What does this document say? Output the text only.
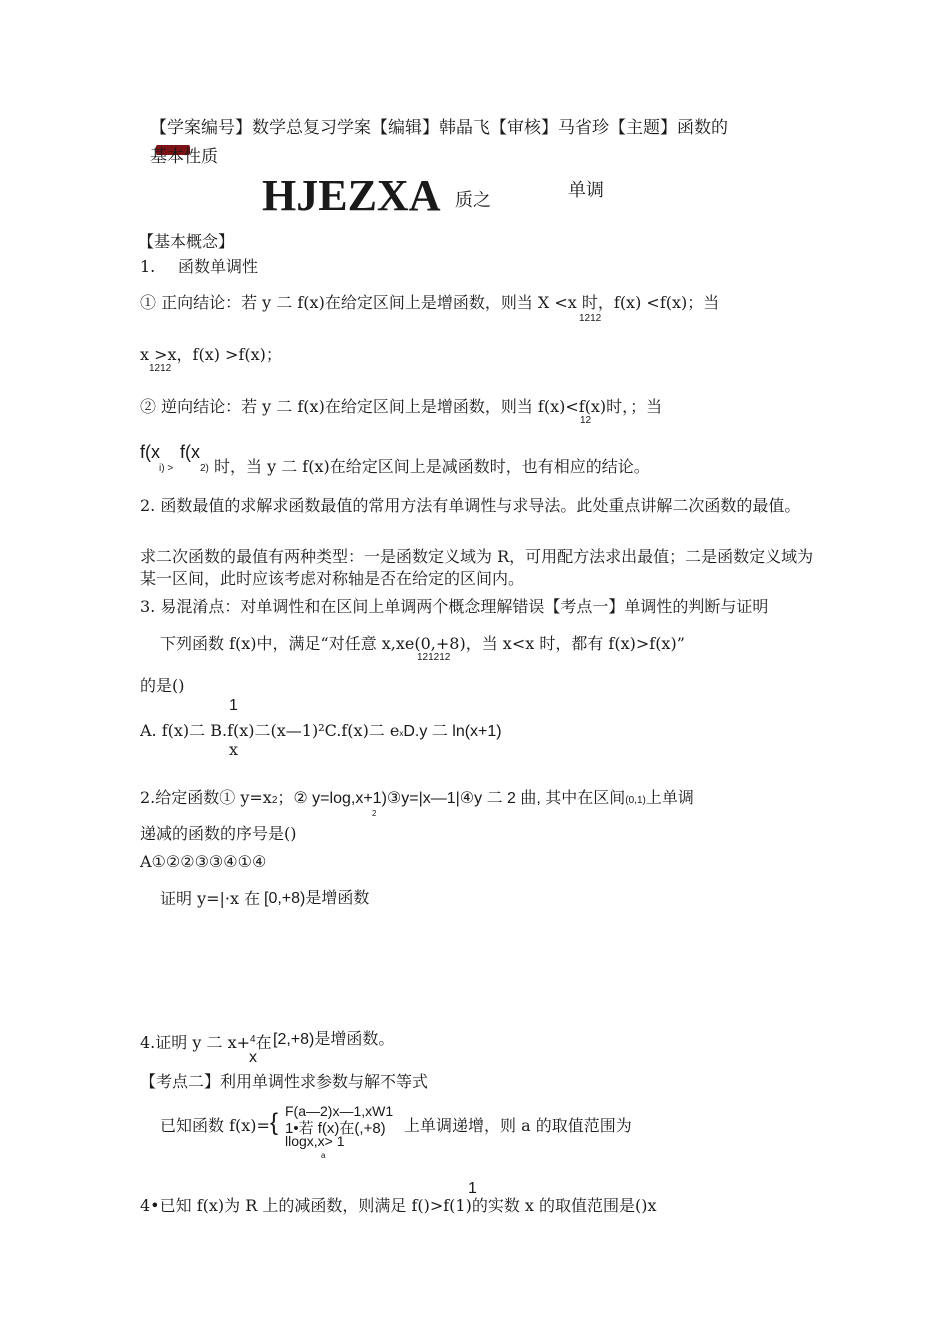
【学案编号】数学总复习学案【编辑】韩晶飞【审核】马省珍【主题】函数的
基本性质
HJEZXA 质之	单调
【基本概念】
1. 函数单调性
① 正向结论：若 y 二 f(x)在给定区间上是增函数，则当 X <x 时，f(x) <f(x)；当
1212
x >x，f(x) >f(x)；
1212
② 逆向结论：若 y 二 f(x)在给定区间上是增函数，则当 f(x)<f(x)时，；当
12
f(x f(x
i) >	2) 时，当 y 二 f(x)在给定区间上是减函数时，也有相应的结论。
2. 函数最值的求解求函数最值的常用方法有单调性与求导法。此处重点讲解二次函数的最值。
求二次函数的最值有两种类型：一是函数定义域为 R，可用配方法求出最值；二是函数定义域为某一区间，此时应该考虑对称轴是否在给定的区间内。
3. 易混淆点：对单调性和在区间上单调两个概念理解错误【考点一】单调性的判断与证明
下列函数 f(x)中，满足“对任意 x,xe(0,+8)，当 x<x 时，都有 f(x)>f(x)”
121212
的是()
1
A. f(x)二 B.f(x)二(x—1)²C.f(x)二 exD.y 二 ln(x+1)
x
2.给定函数① y=x2；② y=log,x+1)③y=|x—1|④y 二 2 曲, 其中在区间(0,1)上单调
2
递减的函数的序号是()
A①②②③③④①④
证明 y=|·x 在 [0,+8)是增函数
4.证明 y 二 x+$^4$在 [2,+8)是增函数。
x
【考点二】利用单调性求参数与解不等式
已知函数 f(x)= { F(a—2)x—1,xW1
1•若 f(x)在(,+8)
llogx,x> 1
a
上单调递增，则 a 的取值范围为
1
4•已知 f(x)为 R 上的减函数，则满足 f()>f(1)的实数 x 的取值范围是()x
